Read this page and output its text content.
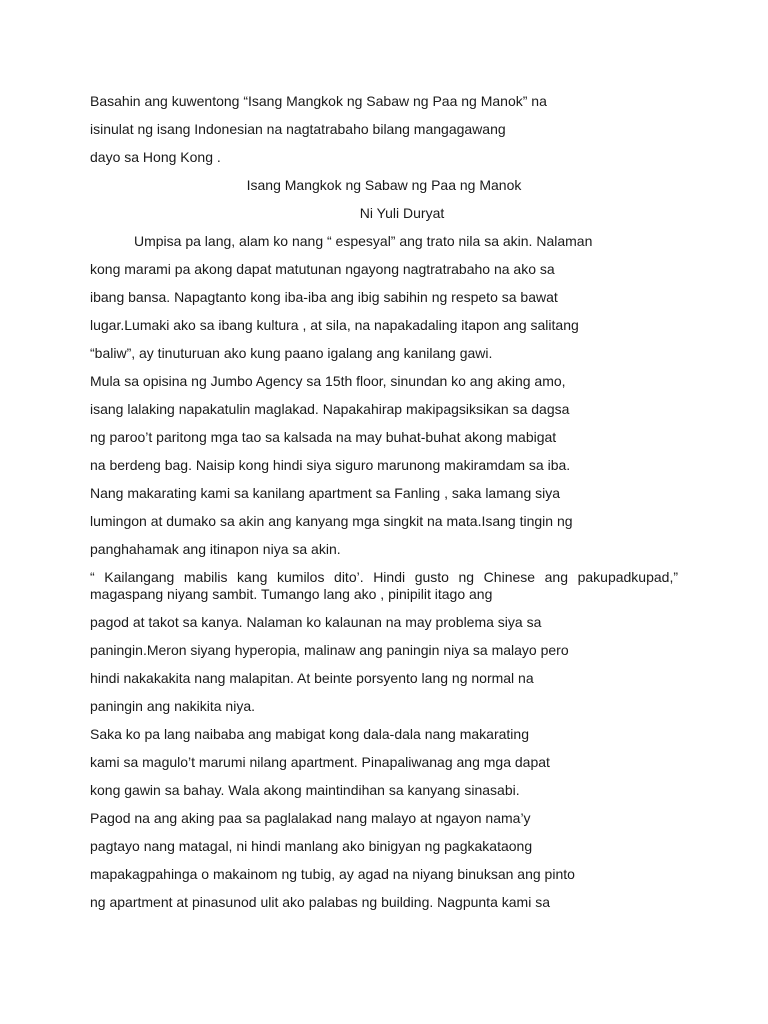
Basahin ang kuwentong “Isang Mangkok ng Sabaw ng Paa ng Manok” na
isinulat ng isang Indonesian na nagtatrabaho bilang mangagawang
dayo sa Hong Kong .
Isang Mangkok ng Sabaw ng Paa ng Manok
Ni Yuli Duryat
Umpisa pa lang, alam ko nang “ espesyal” ang trato nila sa akin. Nalaman
kong marami pa akong dapat matutunan ngayong nagtratrabaho na ako sa
ibang bansa. Napagtanto kong iba-iba ang ibig sabihin ng respeto sa bawat
lugar.Lumaki ako sa ibang kultura , at sila, na napakadaling itapon ang salitang
“baliw”, ay tinuturuan ako kung paano igalang ang kanilang gawi.
Mula sa opisina ng Jumbo Agency sa 15th floor, sinundan ko ang aking amo,
isang lalaking napakatulin maglakad. Napakahirap makipagsiksikan sa dagsa
ng paroo’t paritong mga tao sa kalsada na may buhat-buhat akong mabigat
na berdeng bag. Naisip kong hindi siya siguro marunong makiramdam sa iba.
Nang makarating kami sa kanilang apartment sa Fanling , saka lamang siya
lumingon at dumako sa akin ang kanyang mga singkit na mata.Isang tingin ng
panghahamak ang itinapon niya sa akin.
“ Kailangang mabilis kang kumilos dito’. Hindi gusto ng Chinese ang pakupadkupad,”
magaspang niyang sambit. Tumango lang ako , pinipilit itago ang
pagod at takot sa kanya. Nalaman ko kalaunan na may problema siya sa
paningin.Meron siyang hyperopia, malinaw ang paningin niya sa malayo pero
hindi nakakakita nang malapitan. At beinte porsyento lang ng normal na
paningin ang nakikita niya.
Saka ko pa lang naibaba ang mabigat kong dala-dala nang makarating
kami sa magulo’t marumi nilang apartment. Pinapaliwanag ang mga dapat
kong gawin sa bahay. Wala akong maintindihan sa kanyang sinasabi.
Pagod na ang aking paa sa paglalakad nang malayo at ngayon nama’y
pagtayo nang matagal, ni hindi manlang ako binigyan ng pagkakataong
mapakagpahinga o makainom ng tubig, ay agad na niyang binuksan ang pinto
ng apartment at pinasunod ulit ako palabas ng building. Nagpunta kami sa
